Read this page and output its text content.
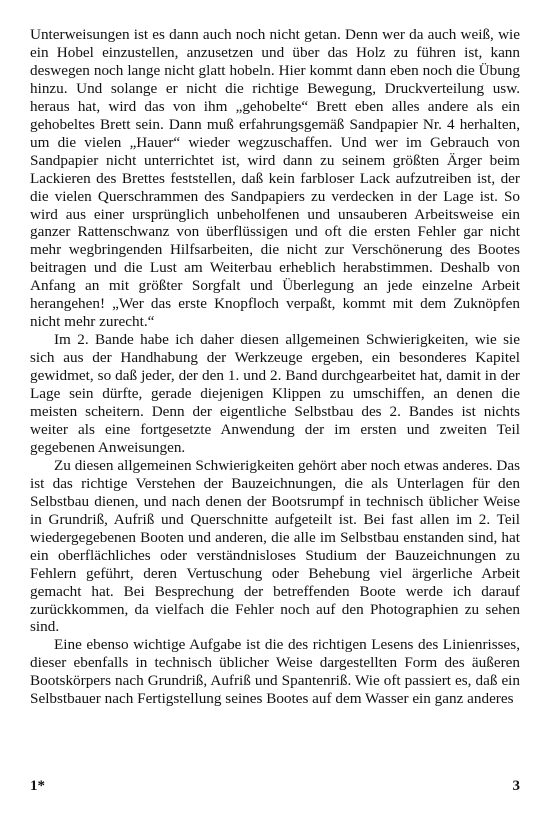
Unterweisungen ist es dann auch noch nicht getan. Denn wer da auch weiß, wie ein Hobel einzustellen, anzusetzen und über das Holz zu führen ist, kann deswegen noch lange nicht glatt hobeln. Hier kommt dann eben noch die Übung hinzu. Und solange er nicht die richtige Bewegung, Druckverteilung usw. heraus hat, wird das von ihm „gehobelte“ Brett eben alles andere als ein gehobeltes Brett sein. Dann muß erfahrungsgemäß Sandpapier Nr. 4 herhalten, um die vielen „Hauer“ wieder wegzuschaffen. Und wer im Gebrauch von Sandpapier nicht unterrichtet ist, wird dann zu seinem größten Ärger beim Lackieren des Brettes feststellen, daß kein farbloser Lack aufzutreiben ist, der die vielen Querschrammen des Sandpapiers zu verdecken in der Lage ist. So wird aus einer ursprünglich unbeholfenen und unsauberen Arbeitsweise ein ganzer Rattenschwanz von überflüssigen und oft die ersten Fehler gar nicht mehr wegbringenden Hilfsarbeiten, die nicht zur Verschönerung des Bootes beitragen und die Lust am Weiterbau erheblich herabstimmen. Deshalb von Anfang an mit größter Sorgfalt und Überlegung an jede einzelne Arbeit herangehen! „Wer das erste Knopfloch verpaßt, kommt mit dem Zuknöpfen nicht mehr zurecht.“

Im 2. Bande habe ich daher diesen allgemeinen Schwierigkeiten, wie sie sich aus der Handhabung der Werkzeuge ergeben, ein besonderes Kapitel gewidmet, so daß jeder, der den 1. und 2. Band durchgearbeitet hat, damit in der Lage sein dürfte, gerade diejenigen Klippen zu umschiffen, an denen die meisten scheitern. Denn der eigentliche Selbstbau des 2. Bandes ist nichts weiter als eine fortgesetzte Anwendung der im ersten und zweiten Teil gegebenen Anweisungen.

Zu diesen allgemeinen Schwierigkeiten gehört aber noch etwas anderes. Das ist das richtige Verstehen der Bauzeichnungen, die als Unterlagen für den Selbstbau dienen, und nach denen der Bootsrumpf in technisch üblicher Weise in Grundriß, Aufriß und Querschnitte aufgeteilt ist. Bei fast allen im 2. Teil wiedergegebenen Booten und anderen, die alle im Selbstbau enstanden sind, hat ein oberflächliches oder verständnisloses Studium der Bauzeichnungen zu Fehlern geführt, deren Vertuschung oder Behebung viel ärgerliche Arbeit gemacht hat. Bei Besprechung der betreffenden Boote werde ich darauf zurückkommen, da vielfach die Fehler noch auf den Photographien zu sehen sind.

Eine ebenso wichtige Aufgabe ist die des richtigen Lesens des Linienrisses, dieser ebenfalls in technisch üblicher Weise dargestellten Form des äußeren Bootskörpers nach Grundriß, Aufriß und Spantenriß. Wie oft passiert es, daß ein Selbstbauer nach Fertigstellung seines Bootes auf dem Wasser ein ganz anderes

1*	3
